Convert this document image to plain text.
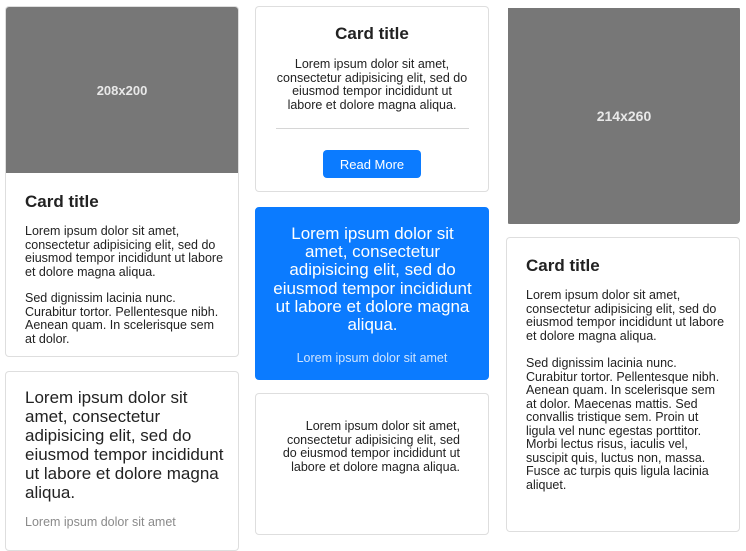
208x200
Card title

Lorem ipsum dolor sit amet, consectetur adipisicing elit, sed do eiusmod tempor incididunt ut labore et dolore magna aliqua.

Sed dignissim lacinia nunc. Curabitur tortor. Pellentesque nibh. Aenean quam. In scelerisque sem at dolor.

Lorem ipsum dolor sit amet, consectetur adipisicing elit, sed do eiusmod tempor incididunt ut labore et dolore magna aliqua.

Lorem ipsum dolor sit amet

Card title

Lorem ipsum dolor sit amet, consectetur adipisicing elit, sed do eiusmod tempor incididunt ut labore et dolore magna aliqua.

Read More

Lorem ipsum dolor sit amet, consectetur adipisicing elit, sed do eiusmod tempor incididunt ut labore et dolore magna aliqua.

Lorem ipsum dolor sit amet

Lorem ipsum dolor sit amet, consectetur adipisicing elit, sed do eiusmod tempor incididunt ut labore et dolore magna aliqua.

214x260
Card title

Lorem ipsum dolor sit amet, consectetur adipisicing elit, sed do eiusmod tempor incididunt ut labore et dolore magna aliqua.

Sed dignissim lacinia nunc. Curabitur tortor. Pellentesque nibh. Aenean quam. In scelerisque sem at dolor. Maecenas mattis. Sed convallis tristique sem. Proin ut ligula vel nunc egestas porttitor. Morbi lectus risus, iaculis vel, suscipit quis, luctus non, massa. Fusce ac turpis quis ligula lacinia aliquet.
